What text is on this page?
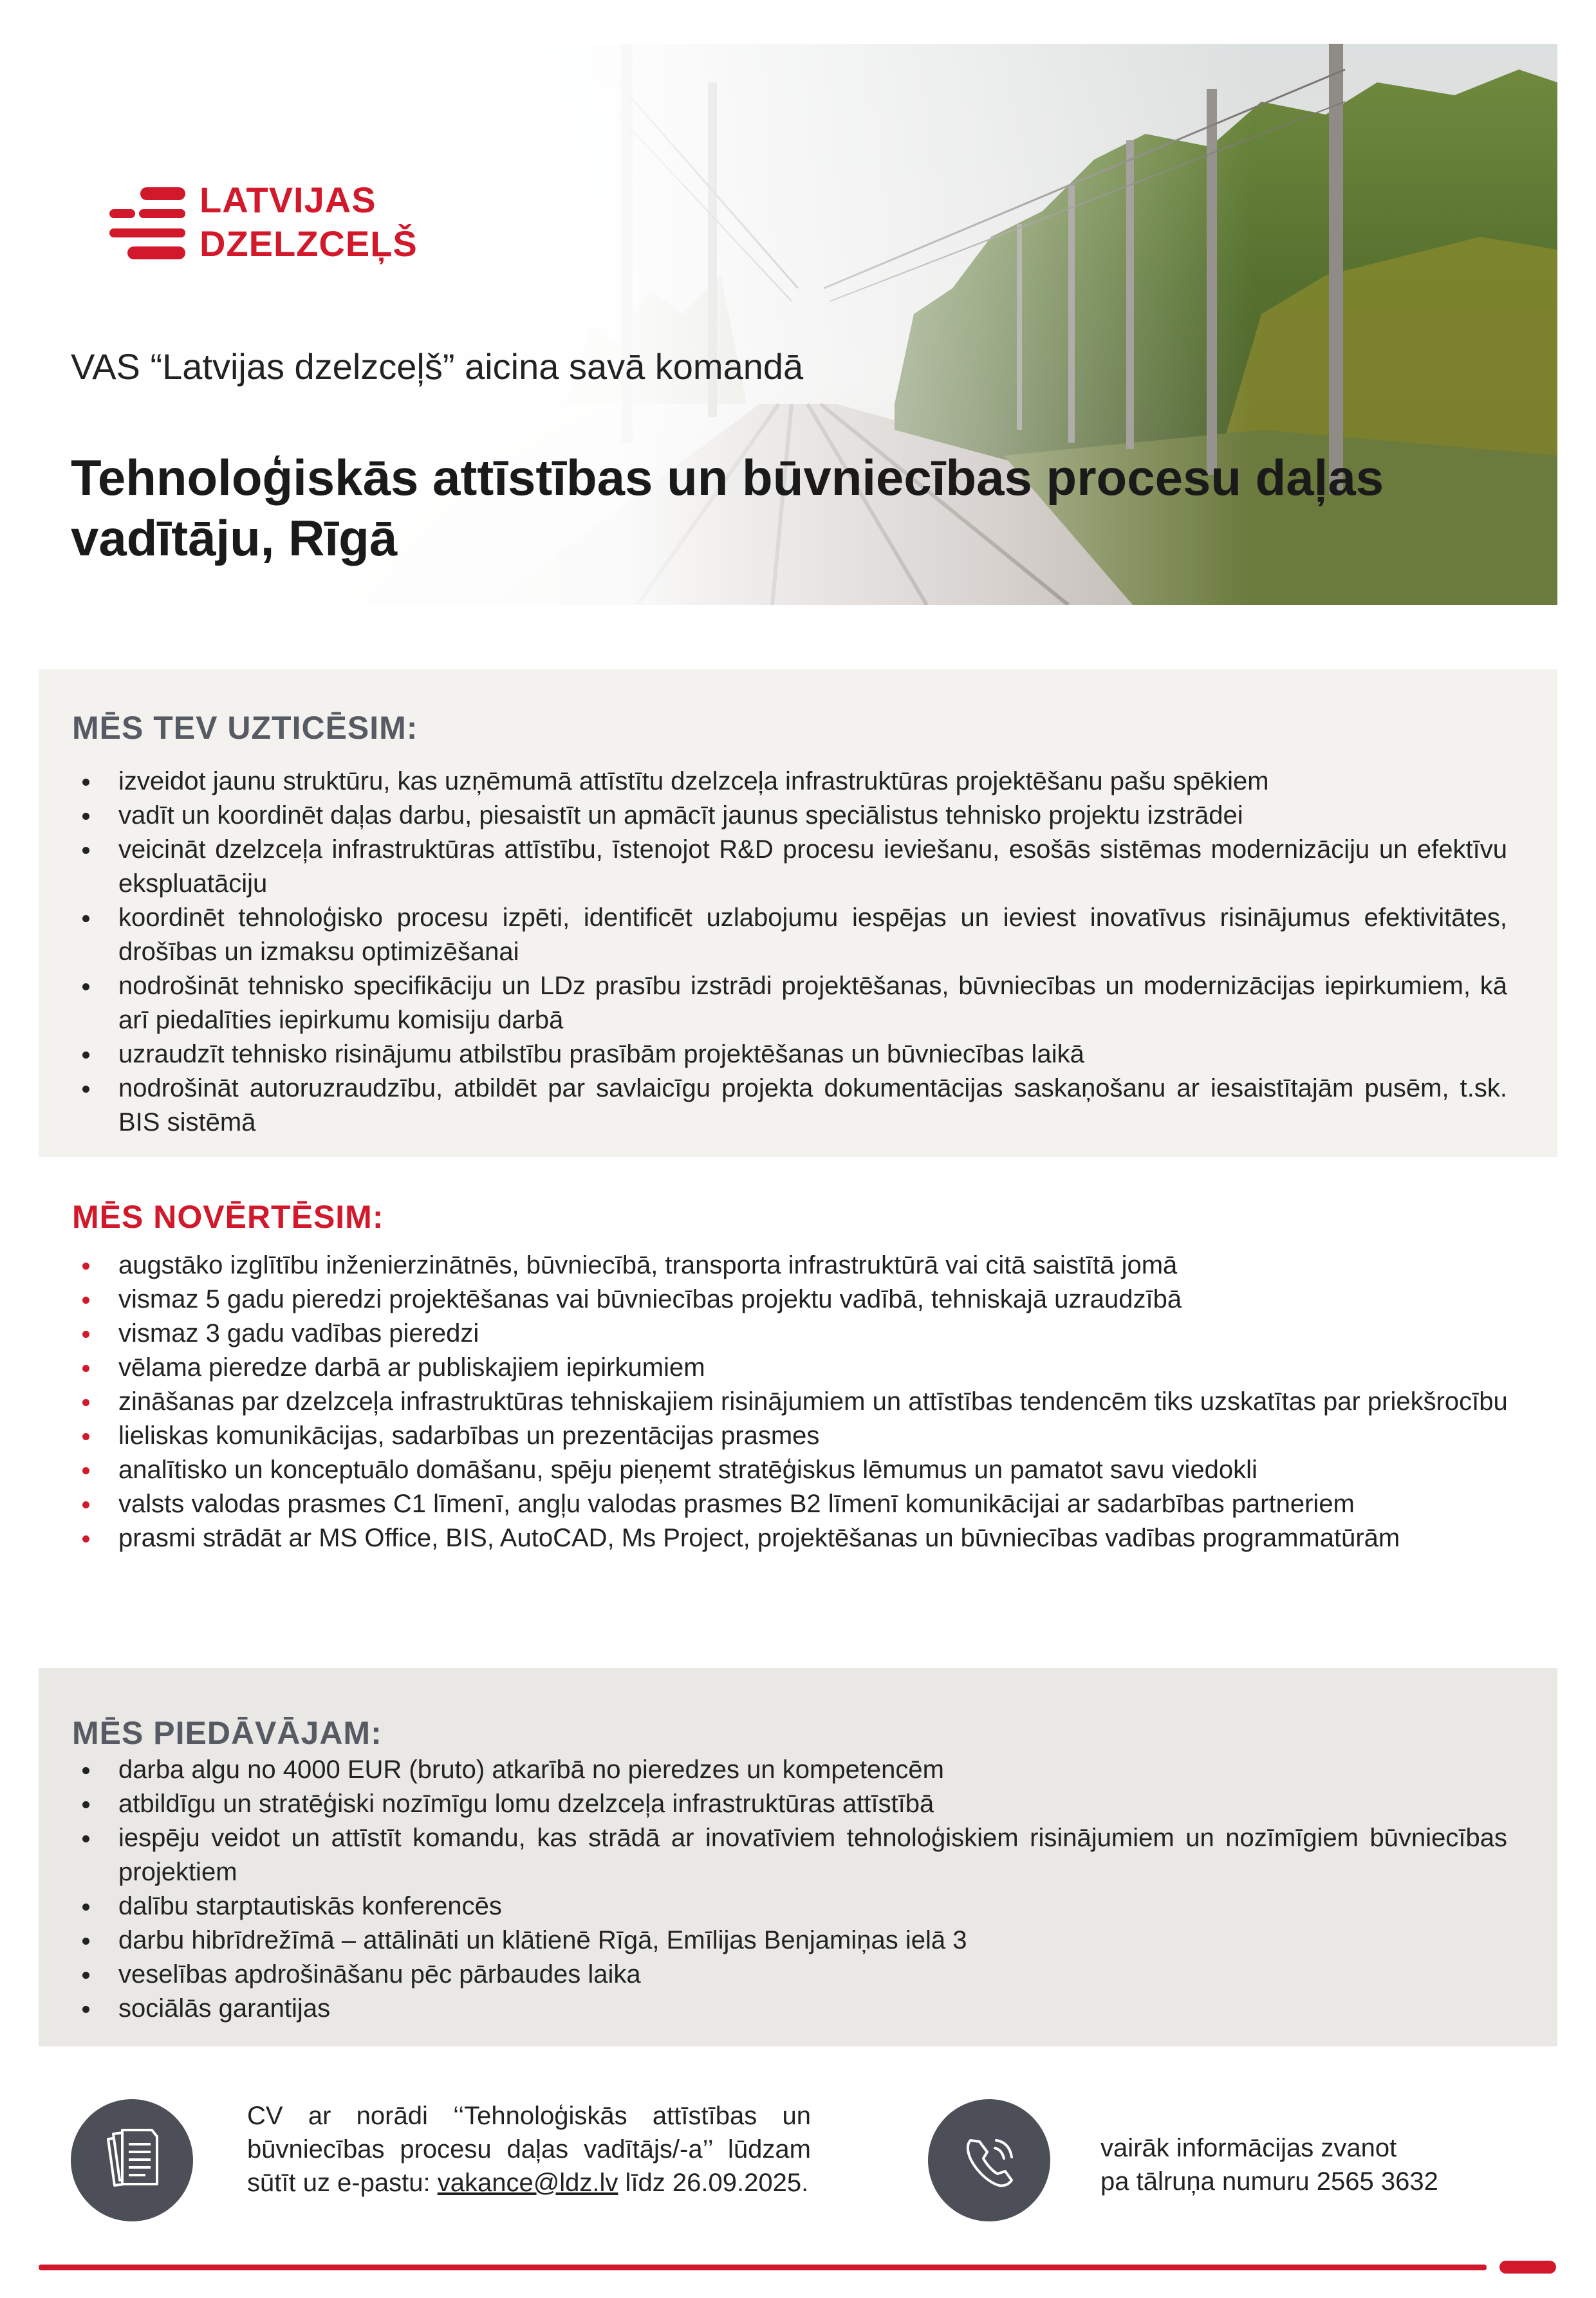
LATVIJAS
DZELZCEĻŠ
VAS “Latvijas dzelzceļš” aicina savā komandā
Tehnoloģiskās attīstības un būvniecības procesu daļas vadītāju, Rīgā
MĒS TEV UZTICĒSIM:
izveidot jaunu struktūru, kas uzņēmumā attīstītu dzelzceļa infrastruktūras projektēšanu pašu spēkiem
vadīt un koordinēt daļas darbu, piesaistīt un apmācīt jaunus speciālistus tehnisko projektu izstrādei
veicināt dzelzceļa infrastruktūras attīstību, īstenojot R&D procesu ieviešanu, esošās sistēmas modernizāciju un efektīvu ekspluatāciju
koordinēt tehnoloģisko procesu izpēti, identificēt uzlabojumu iespējas un ieviest inovatīvus risinājumus efektivitātes, drošības un izmaksu optimizēšanai
nodrošināt tehnisko specifikāciju un LDz prasību izstrādi projektēšanas, būvniecības un modernizācijas iepirkumiem, kā arī piedalīties iepirkumu komisiju darbā
uzraudzīt tehnisko risinājumu atbilstību prasībām projektēšanas un būvniecības laikā
nodrošināt autoruzraudzību, atbildēt par savlaicīgu projekta dokumentācijas saskaņošanu ar iesaistītajām pusēm, t.sk. BIS sistēmā
MĒS NOVĒRTĒSIM:
augstāko izglītību inženierzinātnēs, būvniecībā, transporta infrastruktūrā vai citā saistītā jomā
vismaz 5 gadu pieredzi projektēšanas vai būvniecības projektu vadībā, tehniskajā uzraudzībā
vismaz 3 gadu vadības pieredzi
vēlama pieredze darbā ar publiskajiem iepirkumiem
zināšanas par dzelzceļa infrastruktūras tehniskajiem risinājumiem un attīstības tendencēm tiks uzskatītas par priekšrocību
lieliskas komunikācijas, sadarbības un prezentācijas prasmes
analītisko un konceptuālo domāšanu, spēju pieņemt stratēģiskus lēmumus un pamatot savu viedokli
valsts valodas prasmes C1 līmenī, angļu valodas prasmes B2 līmenī komunikācijai ar sadarbības partneriem
prasmi strādāt ar MS Office, BIS, AutoCAD, Ms Project, projektēšanas un būvniecības vadības programmatūrām
MĒS PIEDĀVĀJAM:
darba algu no 4000 EUR (bruto) atkarībā no pieredzes un kompetencēm
atbildīgu un stratēģiski nozīmīgu lomu dzelzceļa infrastruktūras attīstībā
iespēju veidot un attīstīt komandu, kas strādā ar inovatīviem tehnoloģiskiem risinājumiem un nozīmīgiem būvniecības projektiem
dalību starptautiskās konferencēs
darbu hibrīdrežīmā – attālināti un klātienē Rīgā, Emīlijas Benjamiņas ielā 3
veselības apdrošināšanu pēc pārbaudes laika
sociālās garantijas
CV ar norādi ‘‘Tehnoloģiskās attīstības un būvniecības procesu daļas vadītājs/-a’’ lūdzam sūtīt uz e-pastu: vakance@ldz.lv līdz 26.09.2025.
vairāk informācijas zvanot
pa tālruņa numuru 2565 3632
